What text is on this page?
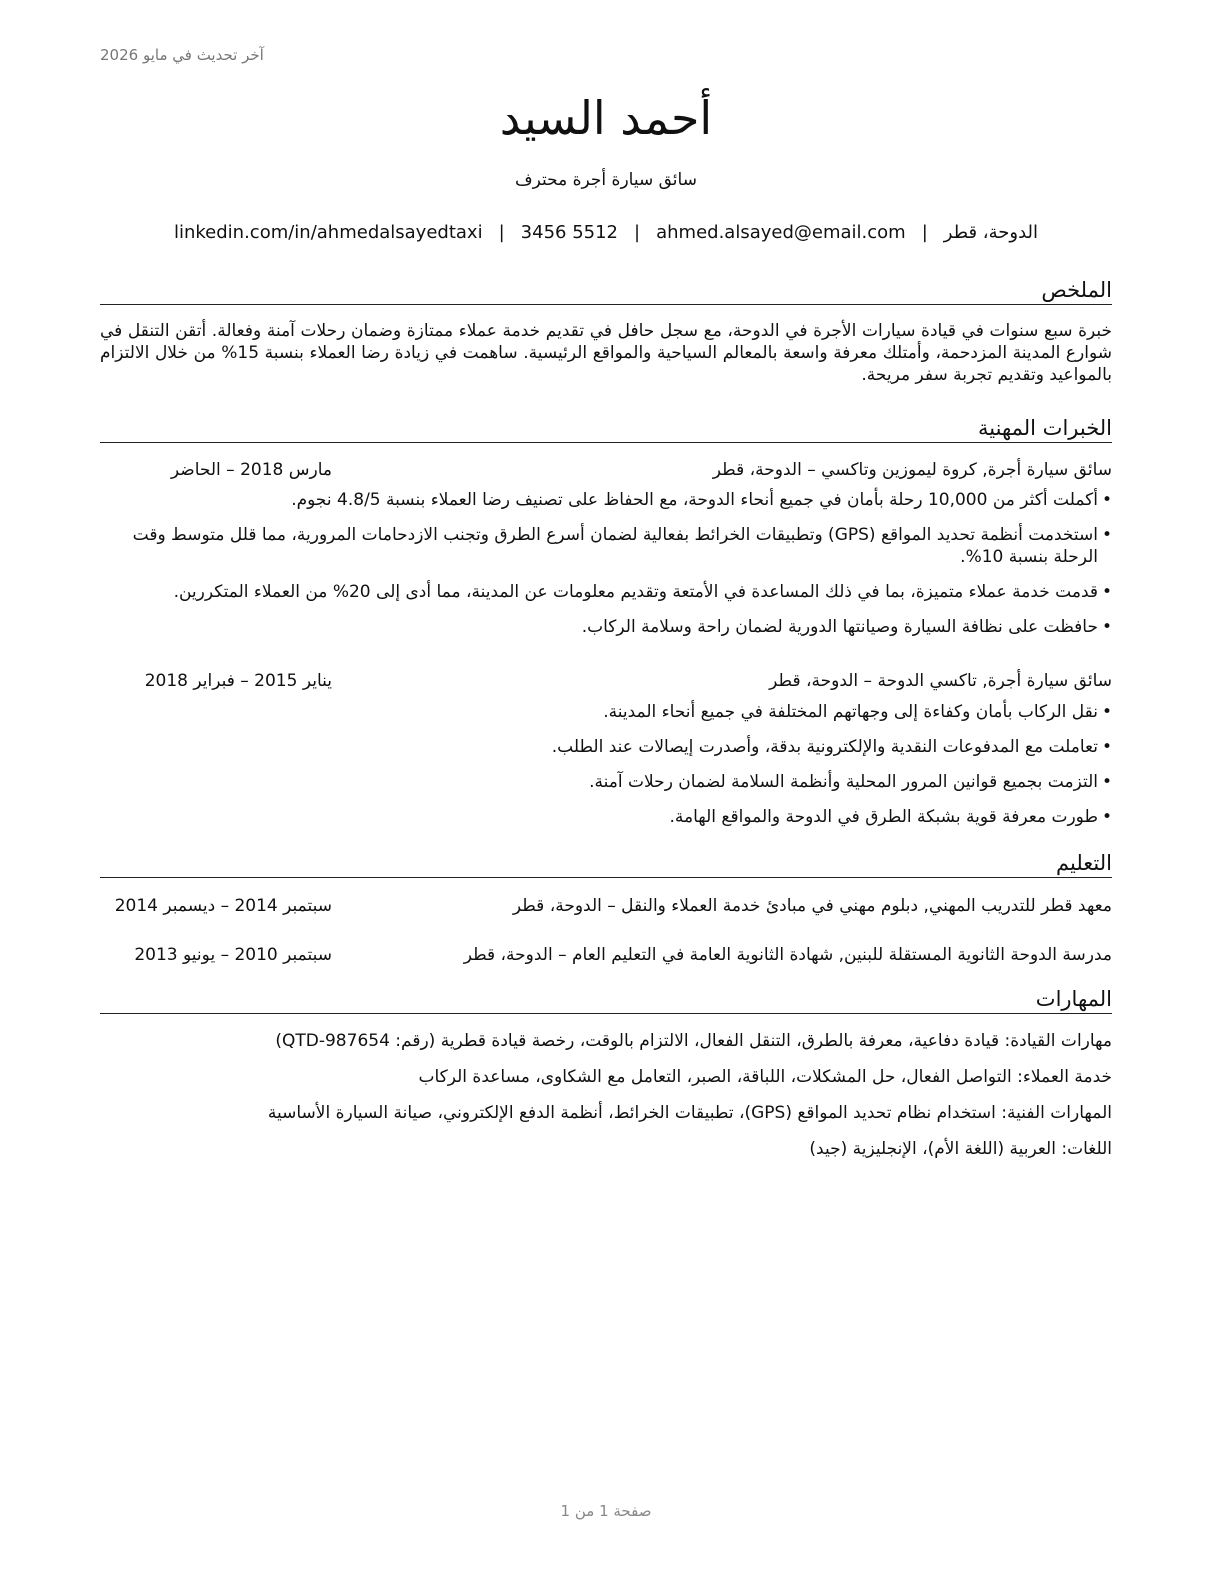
آخر تحديث في مايو 2026
أحمد السيد
سائق سيارة أجرة محترف
الدوحة، قطر|ahmed.alsayed@email.com|3456 5512|linkedin.com/in/ahmedalsayedtaxi
الملخص
خبرة سبع سنوات في قيادة سيارات الأجرة في الدوحة، مع سجل حافل في تقديم خدمة عملاء ممتازة وضمان رحلات آمنة وفعالة. أتقن التنقل في شوارع المدينة المزدحمة، وأمتلك معرفة واسعة بالمعالم السياحية والمواقع الرئيسية. ساهمت في زيادة رضا العملاء بنسبة 15% من خلال الالتزام بالمواعيد وتقديم تجربة سفر مريحة.
الخبرات المهنية
سائق سيارة أجرة, كروة ليموزين وتاكسي – الدوحة، قطر
مارس 2018 – الحاضر
• أكملت أكثر من 10,000 رحلة بأمان في جميع أنحاء الدوحة، مع الحفاظ على تصنيف رضا العملاء بنسبة 4.8/5 نجوم.
• استخدمت أنظمة تحديد المواقع (GPS) وتطبيقات الخرائط بفعالية لضمان أسرع الطرق وتجنب الازدحامات المرورية، مما قلل متوسط وقت الرحلة بنسبة 10%.
• قدمت خدمة عملاء متميزة، بما في ذلك المساعدة في الأمتعة وتقديم معلومات عن المدينة، مما أدى إلى 20% من العملاء المتكررين.
• حافظت على نظافة السيارة وصيانتها الدورية لضمان راحة وسلامة الركاب.
سائق سيارة أجرة, تاكسي الدوحة – الدوحة، قطر
يناير 2015 – فبراير 2018
• نقل الركاب بأمان وكفاءة إلى وجهاتهم المختلفة في جميع أنحاء المدينة.
• تعاملت مع المدفوعات النقدية والإلكترونية بدقة، وأصدرت إيصالات عند الطلب.
• التزمت بجميع قوانين المرور المحلية وأنظمة السلامة لضمان رحلات آمنة.
• طورت معرفة قوية بشبكة الطرق في الدوحة والمواقع الهامة.
التعليم
معهد قطر للتدريب المهني, دبلوم مهني في مبادئ خدمة العملاء والنقل – الدوحة، قطر
سبتمبر 2014 – ديسمبر 2014
مدرسة الدوحة الثانوية المستقلة للبنين, شهادة الثانوية العامة في التعليم العام – الدوحة، قطر
سبتمبر 2010 – يونيو 2013
المهارات
مهارات القيادة: قيادة دفاعية، معرفة بالطرق، التنقل الفعال، الالتزام بالوقت، رخصة قيادة قطرية (رقم: QTD-987654)
خدمة العملاء: التواصل الفعال، حل المشكلات، اللباقة، الصبر، التعامل مع الشكاوى، مساعدة الركاب
المهارات الفنية: استخدام نظام تحديد المواقع (GPS)، تطبيقات الخرائط، أنظمة الدفع الإلكتروني، صيانة السيارة الأساسية
اللغات: العربية (اللغة الأم)، الإنجليزية (جيد)
صفحة 1 من 1
